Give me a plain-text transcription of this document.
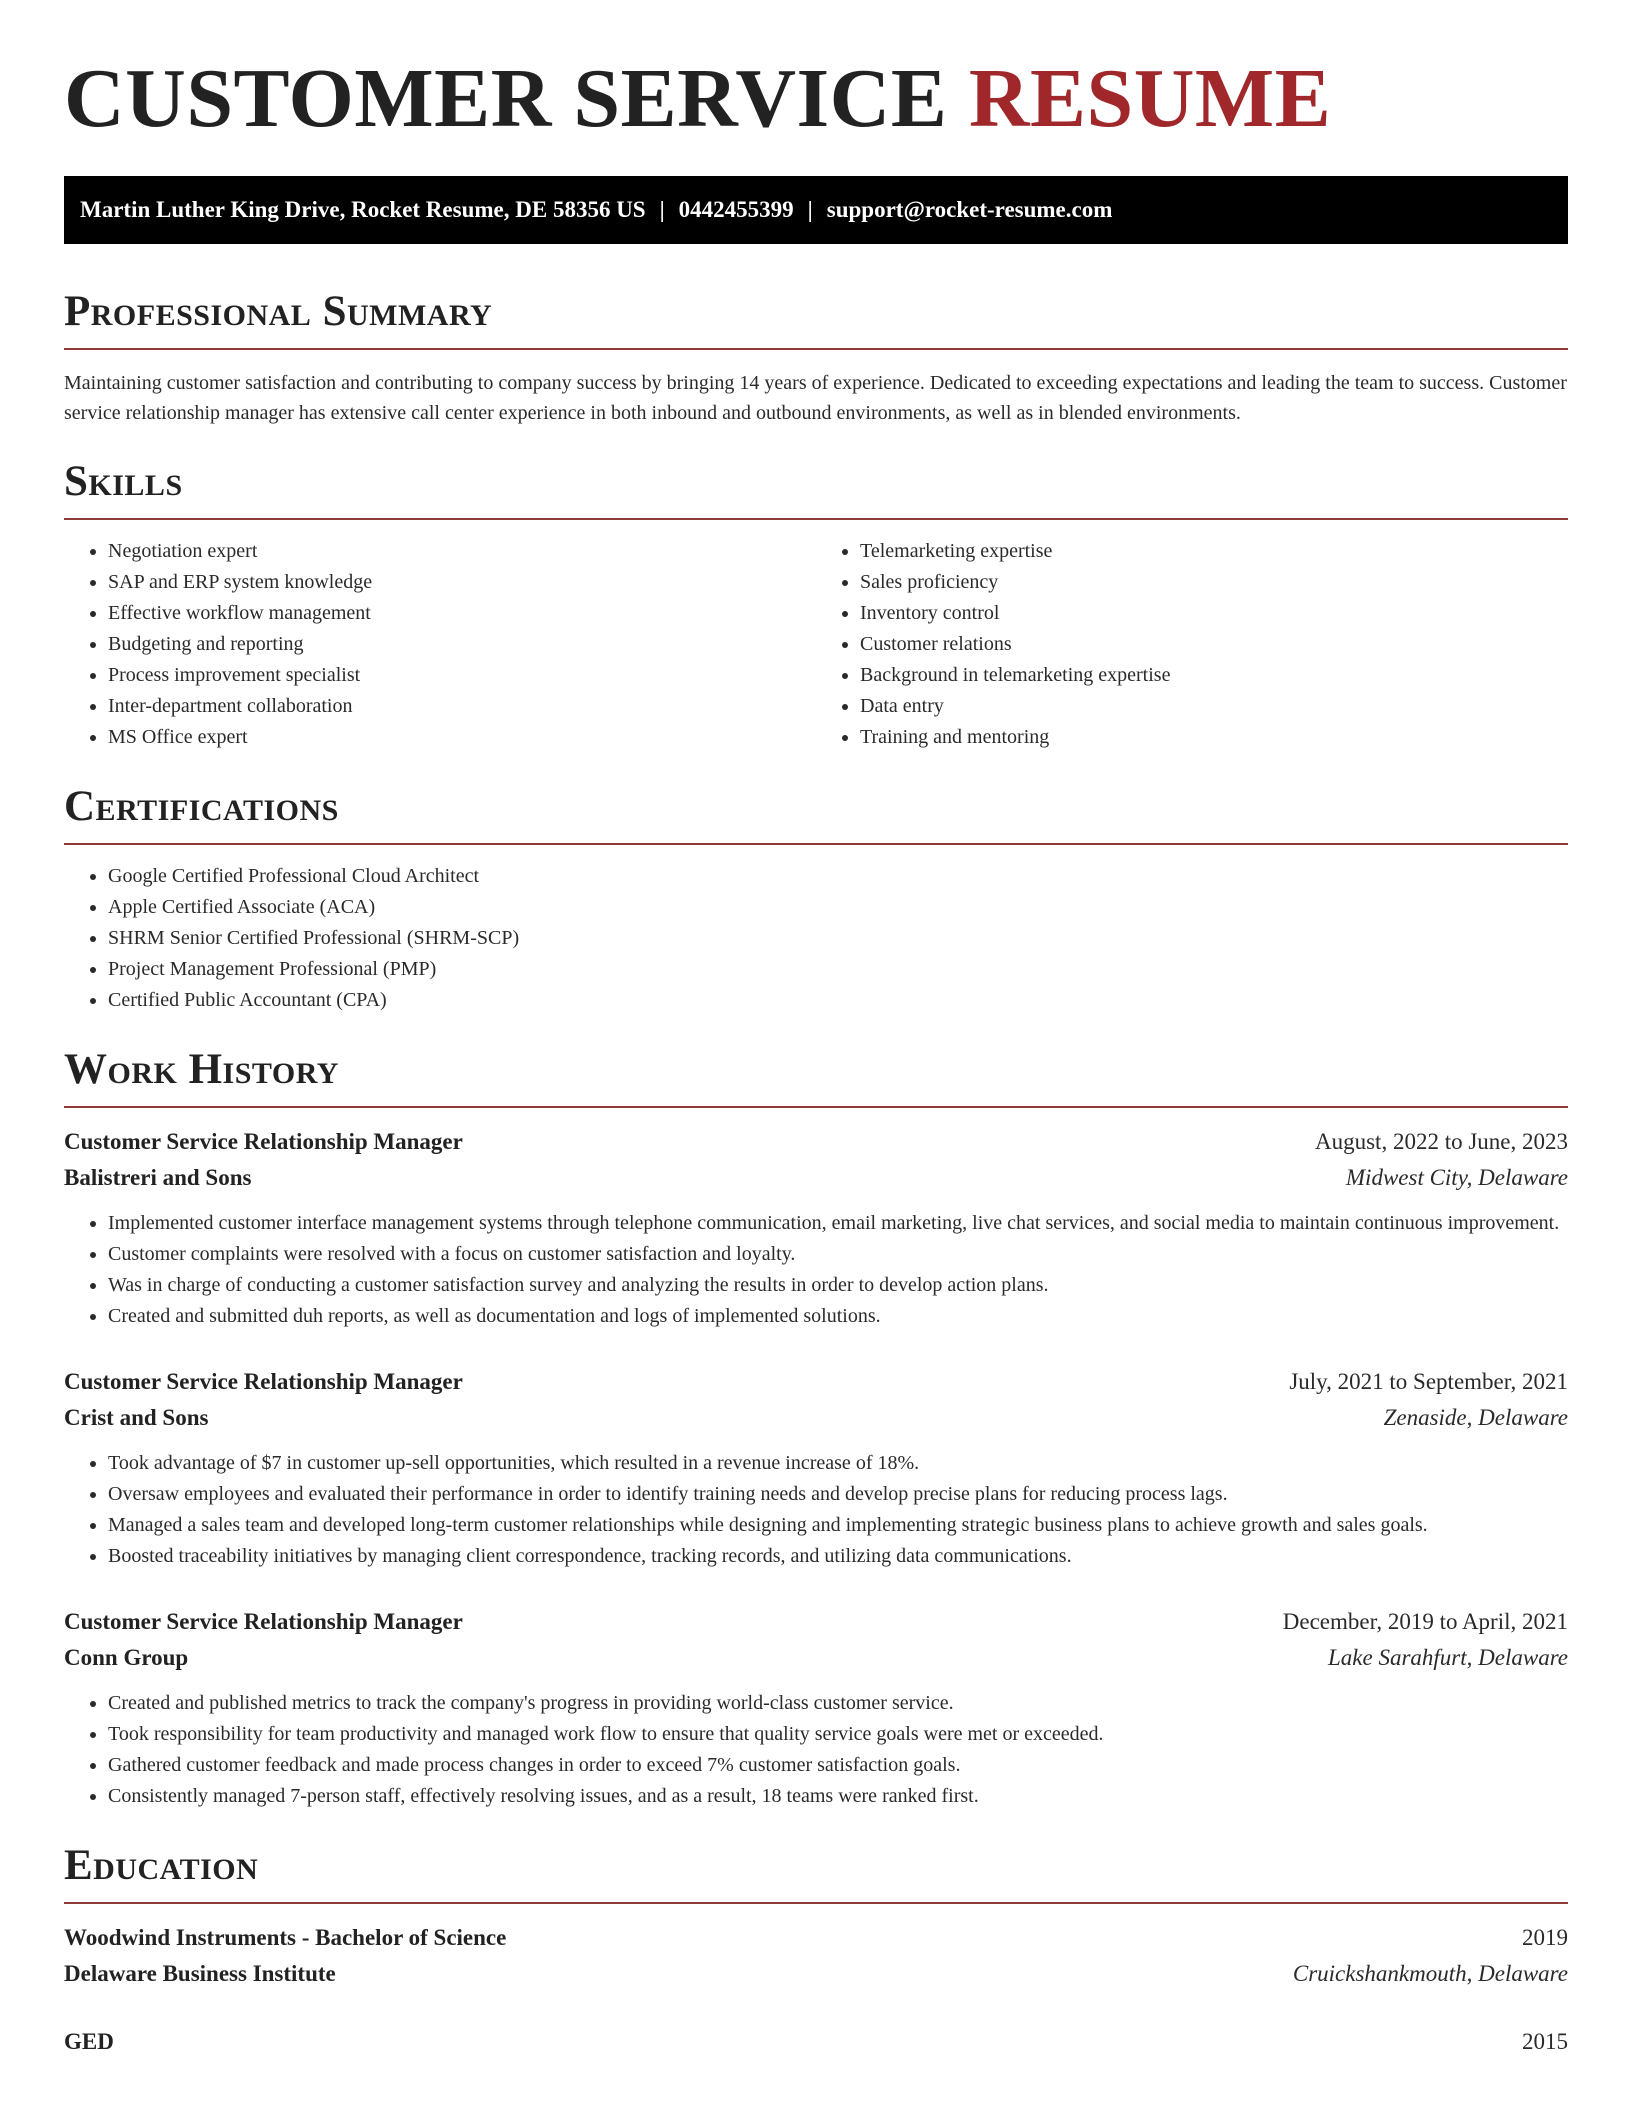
CUSTOMER SERVICE RESUME
Martin Luther King Drive, Rocket Resume, DE 58356 US | 0442455399 | support@rocket-resume.com
Professional Summary

Maintaining customer satisfaction and contributing to company success by bringing 14 years of experience. Dedicated to exceeding expectations and leading the team to success. Customer service relationship manager has extensive call center experience in both inbound and outbound environments, as well as in blended environments.

Skills
• Negotiation expert
• SAP and ERP system knowledge
• Effective workflow management
• Budgeting and reporting
• Process improvement specialist
• Inter-department collaboration
• MS Office expert
• Telemarketing expertise
• Sales proficiency
• Inventory control
• Customer relations
• Background in telemarketing expertise
• Data entry
• Training and mentoring
Certifications
• Google Certified Professional Cloud Architect
• Apple Certified Associate (ACA)
• SHRM Senior Certified Professional (SHRM-SCP)
• Project Management Professional (PMP)
• Certified Public Accountant (CPA)
Work History
Customer Service Relationship Manager	August, 2022 to June, 2023
Balistreri and Sons	Midwest City, Delaware
• Implemented customer interface management systems through telephone communication, email marketing, live chat services, and social media to maintain continuous improvement.
• Customer complaints were resolved with a focus on customer satisfaction and loyalty.
• Was in charge of conducting a customer satisfaction survey and analyzing the results in order to develop action plans.
• Created and submitted duh reports, as well as documentation and logs of implemented solutions.
Customer Service Relationship Manager	July, 2021 to September, 2021
Crist and Sons	Zenaside, Delaware
• Took advantage of $7 in customer up-sell opportunities, which resulted in a revenue increase of 18%.
• Oversaw employees and evaluated their performance in order to identify training needs and develop precise plans for reducing process lags.
• Managed a sales team and developed long-term customer relationships while designing and implementing strategic business plans to achieve growth and sales goals.
• Boosted traceability initiatives by managing client correspondence, tracking records, and utilizing data communications.
Customer Service Relationship Manager	December, 2019 to April, 2021
Conn Group	Lake Sarahfurt, Delaware
• Created and published metrics to track the company's progress in providing world-class customer service.
• Took responsibility for team productivity and managed work flow to ensure that quality service goals were met or exceeded.
• Gathered customer feedback and made process changes in order to exceed 7% customer satisfaction goals.
• Consistently managed 7-person staff, effectively resolving issues, and as a result, 18 teams were ranked first.
Education
Woodwind Instruments - Bachelor of Science	2019
Delaware Business Institute	Cruickshankmouth, Delaware
GED	2015
